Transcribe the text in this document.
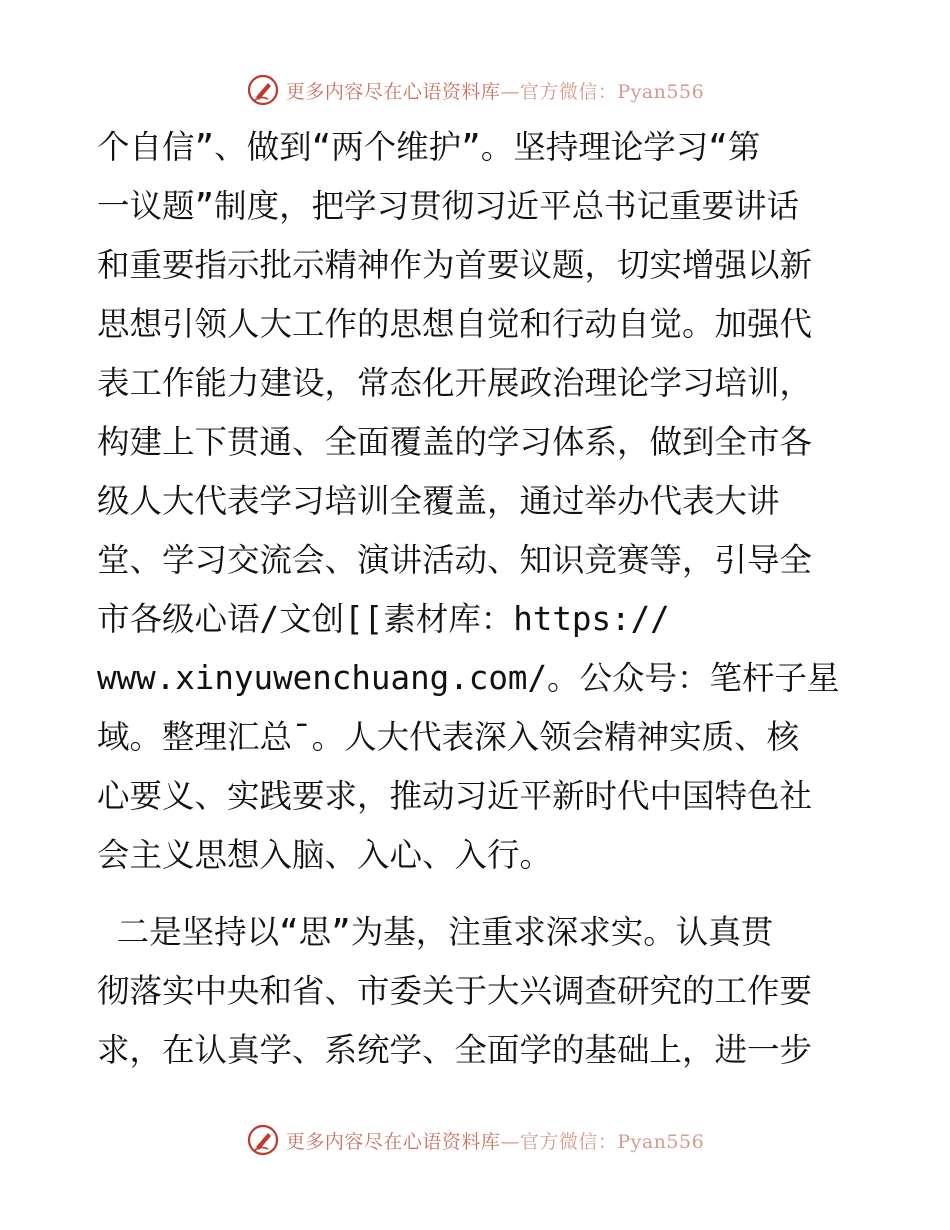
更多内容尽在心语资料库—官方微信：Pyan556
个自信”、做到“两个维护”。坚持理论学习“第
一议题”制度，把学习贯彻习近平总书记重要讲话
和重要指示批示精神作为首要议题，切实增强以新
思想引领人大工作的思想自觉和行动自觉。加强代
表工作能力建设，常态化开展政治理论学习培训，
构建上下贯通、全面覆盖的学习体系，做到全市各
级人大代表学习培训全覆盖，通过举办代表大讲
堂、学习交流会、演讲活动、知识竞赛等，引导全
市各级心语/文创[[素材库：https://
www.xinyuwenchuang.com/。公众号：笔杆子星
域。整理汇总¯。人大代表深入领会精神实质、核
心要义、实践要求，推动习近平新时代中国特色社
会主义思想入脑、入心、入行。
二是坚持以“思”为基，注重求深求实。认真贯
彻落实中央和省、市委关于大兴调查研究的工作要
求，在认真学、系统学、全面学的基础上，进一步
更多内容尽在心语资料库—官方微信：Pyan556
